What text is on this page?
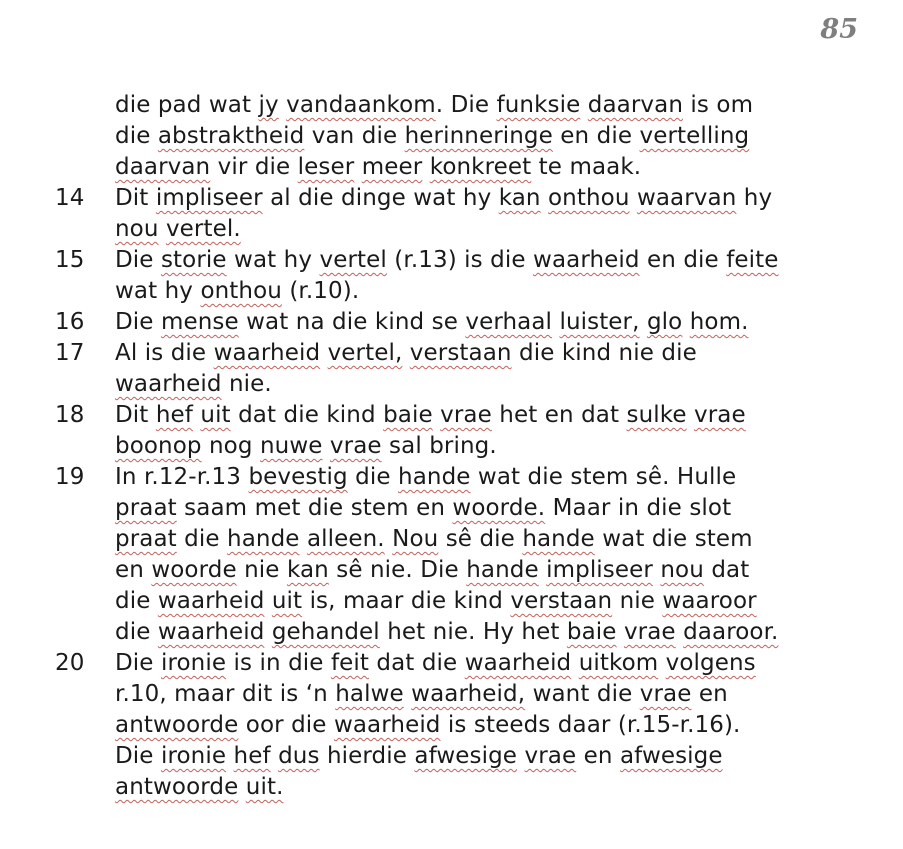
85
die pad wat jy vandaankom. Die funksie daarvan is om
die abstraktheid van die herinneringe en die vertelling
daarvan vir die leser meer konkreet te maak.
14	Dit impliseer al die dinge wat hy kan onthou waarvan hy
nou vertel.
15	Die storie wat hy vertel (r.13) is die waarheid en die feite
wat hy onthou (r.10).
16	Die mense wat na die kind se verhaal luister, glo hom.
17	Al is die waarheid vertel, verstaan die kind nie die
waarheid nie.
18	Dit hef uit dat die kind baie vrae het en dat sulke vrae
boonop nog nuwe vrae sal bring.
19	In r.12-r.13 bevestig die hande wat die stem sê. Hulle
praat saam met die stem en woorde. Maar in die slot
praat die hande alleen. Nou sê die hande wat die stem
en woorde nie kan sê nie. Die hande impliseer nou dat
die waarheid uit is, maar die kind verstaan nie waaroor
die waarheid gehandel het nie. Hy het baie vrae daaroor.
20	Die ironie is in die feit dat die waarheid uitkom volgens
r.10, maar dit is ‘n halwe waarheid, want die vrae en
antwoorde oor die waarheid is steeds daar (r.15-r.16).
Die ironie hef dus hierdie afwesige vrae en afwesige
antwoorde uit.
